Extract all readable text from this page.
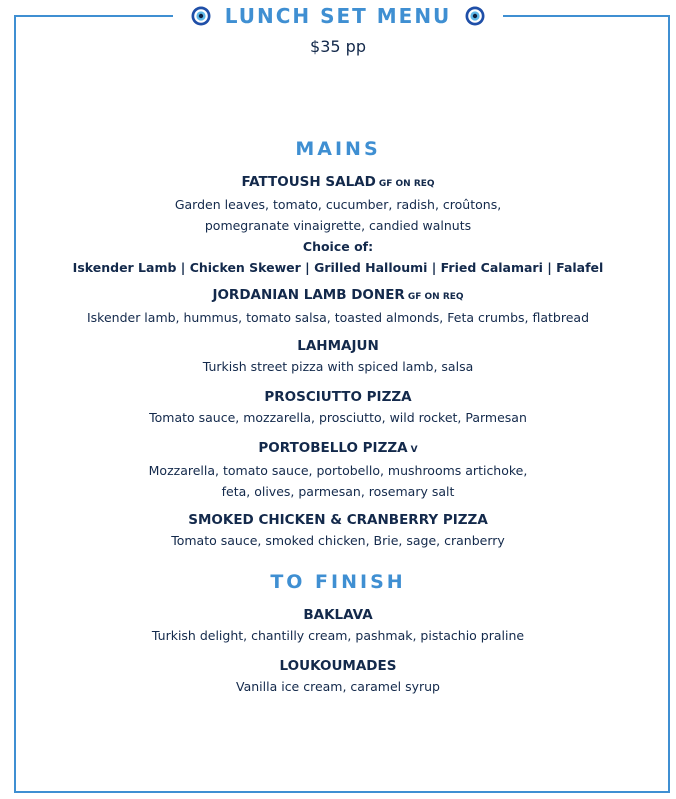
LUNCH SET MENU
$35 pp
MAINS
FATTOUSH SALAD GF ON REQ
Garden leaves, tomato, cucumber, radish, croûtons,
pomegranate vinaigrette, candied walnuts
Choice of:
Iskender Lamb | Chicken Skewer | Grilled Halloumi | Fried Calamari | Falafel
JORDANIAN LAMB DONER GF ON REQ
Iskender lamb, hummus, tomato salsa, toasted almonds, Feta crumbs, flatbread
LAHMAJUN
Turkish street pizza with spiced lamb, salsa
PROSCIUTTO PIZZA
Tomato sauce, mozzarella, prosciutto, wild rocket, Parmesan
PORTOBELLO PIZZA V
Mozzarella, tomato sauce, portobello, mushrooms artichoke,
feta, olives, parmesan, rosemary salt
SMOKED CHICKEN & CRANBERRY PIZZA
Tomato sauce, smoked chicken, Brie, sage, cranberry
TO FINISH
BAKLAVA
Turkish delight, chantilly cream, pashmak, pistachio praline
LOUKOUMADES
Vanilla ice cream, caramel syrup
